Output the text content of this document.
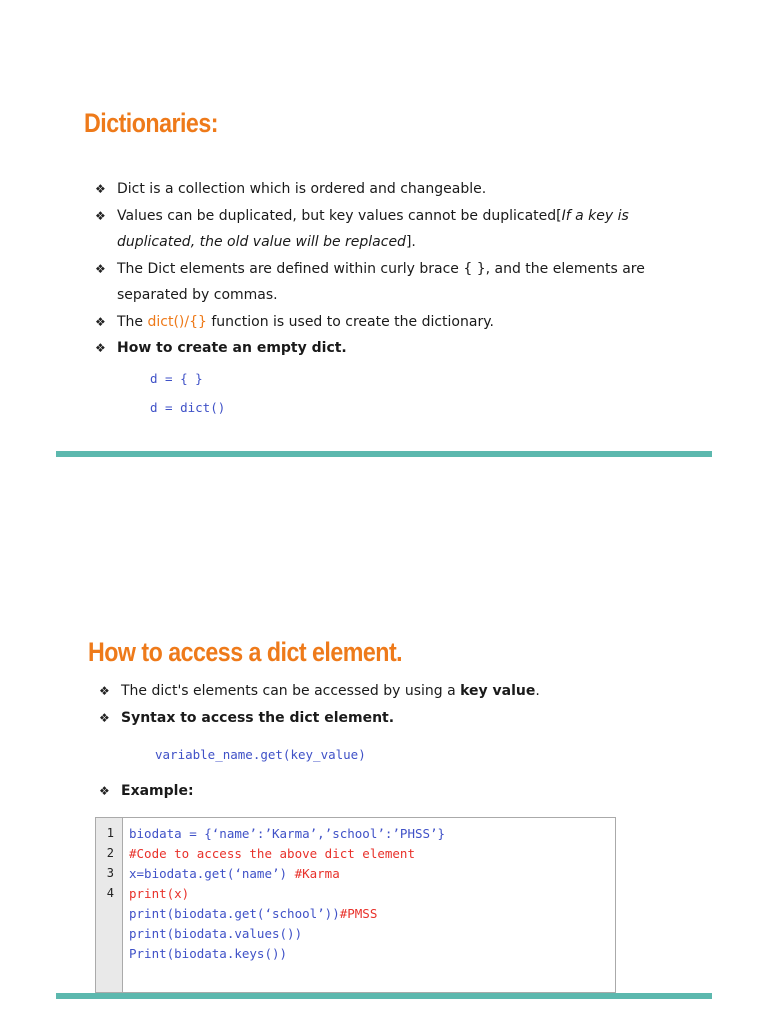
Dictionaries:
❖ Dict is a collection which is ordered and changeable.
❖ Values can be duplicated, but key values cannot be duplicated[If a key is duplicated, the old value will be replaced].
❖ The Dict elements are defined within curly brace { }, and the elements are separated by commas.
❖ The dict()/{} function is used to create the dictionary.
❖ How to create an empty dict.
d = { }
d = dict()
How to access a dict element.
❖ The dict's elements can be accessed by using a key value.
❖ Syntax to access the dict element.
variable_name.get(key_value)
❖ Example:
1
2
3
4
biodata = {‘name’:’Karma’,’school’:’PHSS’}
#Code to access the above dict element
x=biodata.get(‘name’) #Karma
print(x)
print(biodata.get(‘school’))#PMSS
print(biodata.values())
Print(biodata.keys())
